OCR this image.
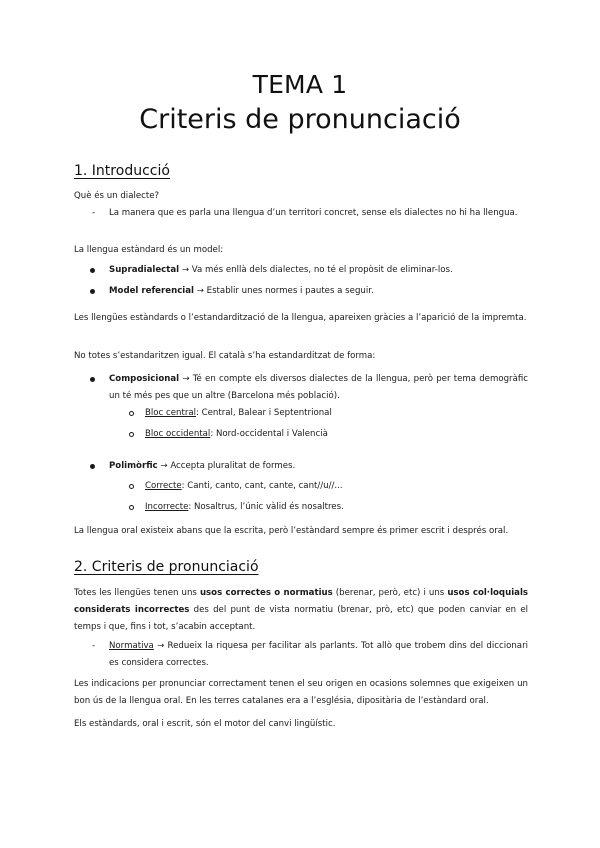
TEMA 1
Criteris de pronunciació
1. Introducció
Què és un dialecte?
- La manera que es parla una llengua d’un territori concret, sense els dialectes no hi ha llengua.
La llengua estàndard és un model:
Supradialectal → Va més enllà dels dialectes, no té el propòsit de eliminar-los.
Model referencial → Establir unes normes i pautes a seguir.
Les llengües estàndards o l’estandardització de la llengua, apareixen gràcies a l’aparició de la impremta.
No totes s’estandaritzen igual. El català s’ha estandarditzat de forma:
Composicional → Té en compte els diversos dialectes de la llengua, però per tema demogràfic un té més pes que un altre (Barcelona més població).
Bloc central: Central, Balear i Septentrional
Bloc occidental: Nord-occidental i Valencià
Polimòrfic → Accepta pluralitat de formes.
Correcte: Canti, canto, cant, cante, cant//u//...
Incorrecte: Nosaltrus, l’únic vàlid és nosaltres.
La llengua oral existeix abans que la escrita, però l’estàndard sempre és primer escrit i després oral.
2. Criteris de pronunciació
Totes les llengües tenen uns usos correctes o normatius (berenar, però, etc) i uns usos col·loquials considerats incorrectes des del punt de vista normatiu (brenar, prò, etc) que poden canviar en el temps i que, fins i tot, s’acabin acceptant.
- Normativa → Redueix la riquesa per facilitar als parlants. Tot allò que trobem dins del diccionari es considera correctes.
Les indicacions per pronunciar correctament tenen el seu origen en ocasions solemnes que exigeixen un bon ús de la llengua oral. En les terres catalanes era a l’església, dipositària de l’estàndard oral.
Els estàndards, oral i escrit, són el motor del canvi lingüístic.
